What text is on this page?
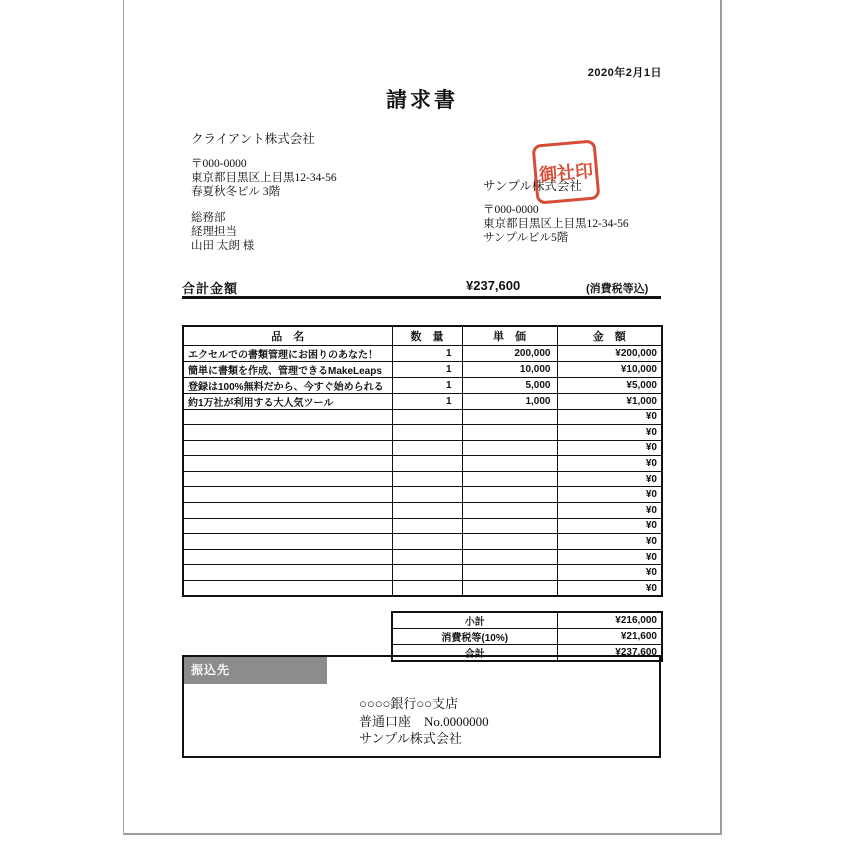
2020年2月1日
請求書
クライアント株式会社
〒000-0000
東京都目黒区上目黒12-34-56
春夏秋冬ビル 3階
総務部
経理担当
山田 太朗 様
サンプル株式会社
〒000-0000
東京都目黒区上目黒12-34-56
サンプルビル5階
御社印
合計金額	¥237,600	(消費税等込)
品　名	数　量	単　価	金　額
エクセルでの書類管理にお困りのあなた！	1	200,000	¥200,000
簡単に書類を作成、管理できるMakeLeaps	1	10,000	¥10,000
登録は100%無料だから、今すぐ始められる	1	5,000	¥5,000
約1万社が利用する大人気ツール	1	1,000	¥1,000
			¥0
			¥0
			¥0
			¥0
			¥0
			¥0
			¥0
			¥0
			¥0
			¥0
			¥0
			¥0
小計	¥216,000
消費税等(10%)	¥21,600
合計	¥237,600
振込先
○○○○銀行○○支店
普通口座　No.0000000
サンプル株式会社
